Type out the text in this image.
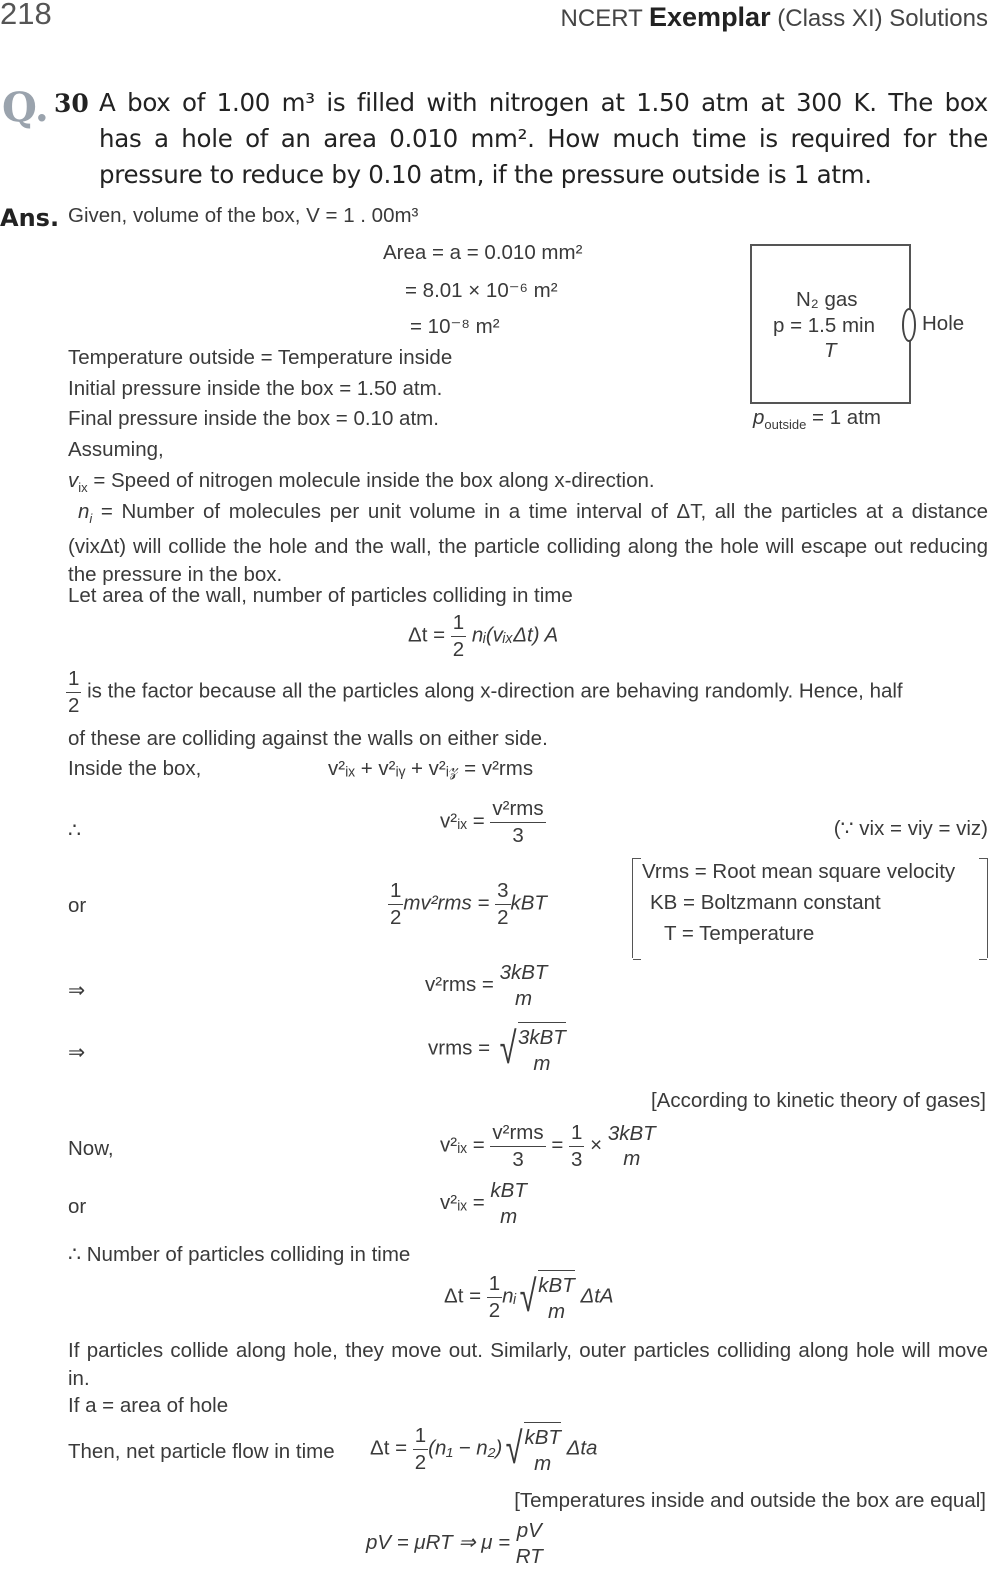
218	NCERT Exemplar (Class XI) Solutions
Q. 30 A box of 1.00 m³ is filled with nitrogen at 1.50 atm at 300 K. The box
has a hole of an area 0.010 mm². How much time is required for the
pressure to reduce by 0.10 atm, if the pressure outside is 1 atm.
Ans. Given, volume of the box, V = 1 . 00m³
Area = a = 0.010 mm²
= 8.01 × 10⁻⁶ m²
= 10⁻⁸ m²
Temperature outside = Temperature inside
Initial pressure inside the box = 1.50 atm.
Final pressure inside the box = 0.10 atm.
Assuming,
$v_{ix}$ = Speed of nitrogen molecule inside the box along x-direction.
$n_i$ = Number of molecules per unit volume in a time interval of ΔT, all the particles at a distance (vixΔt) will collide the hole and the wall, the particle colliding along the hole will escape out reducing the pressure in the box.
Let area of the wall, number of particles colliding in time
$\Delta t = \frac{1}{2}$ nᵢ(vᵢₓΔt) A
$\frac{1}{2}$ is the factor because all the particles along x-direction are behaving randomly. Hence, half
of these are colliding against the walls on either side.
Inside the box,	v²ᵢₓ + v²ᵢᵧ + v²ᵢ𝓏 = v²rms
∴	v²ᵢₓ = $\frac{\text{v²rms}}{3}$	(∵ vix = viy = viz)
or	$\frac{1}{2} mv^2rms = \frac{3}{2}$ kBT
Vrms = Root mean square velocity
KB = Boltzmann constant
T = Temperature
⇒	v²rms =
3kBT
m
⇒	vrms = √ 3kBT
m
[According to kinetic theory of gases]
Now,	v²ᵢₓ = $\frac{\text{v²rms}}{3} = \frac{1}{3}$ ×
3kBT
m
or	v²ᵢₓ =
kBT
m
∴ Number of particles colliding in time
$\Delta t = \frac{1}{2}$ nᵢ √ kBT
m
ΔtA
If particles collide along hole, they move out. Similarly, outer particles colliding along hole will move in.
If a = area of hole
Then, net particle flow in time $\Delta t = \frac{1}{2} (n_1 - n_2)$ √ kBT
m
Δta
[Temperatures inside and outside the box are equal]
pV = μRT ⇒ μ =
pV
RT
N₂ gas
p = 1.5 min
T
Hole
$p_{outside} = 1$ atm
